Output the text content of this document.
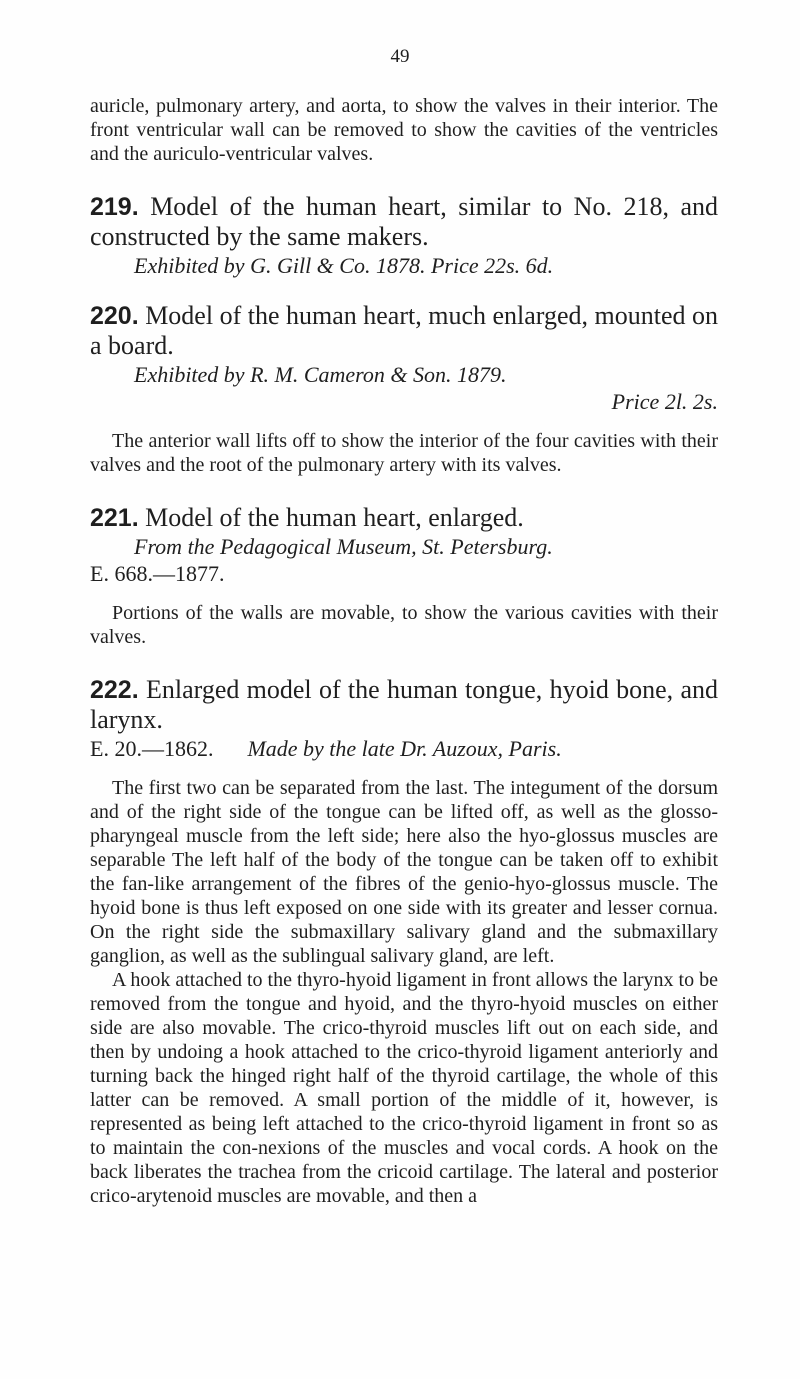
49

auricle, pulmonary artery, and aorta, to show the valves in their interior. The front ventricular wall can be removed to show the cavities of the ventricles and the auriculo-ventricular valves.

219. Model of the human heart, similar to No. 218, and constructed by the same makers.

Exhibited by G. Gill & Co. 1878. Price 22s. 6d.

220. Model of the human heart, much enlarged, mounted on a board.

Exhibited by R. M. Cameron & Son. 1879.

Price 2l. 2s.

The anterior wall lifts off to show the interior of the four cavities with their valves and the root of the pulmonary artery with its valves.

221. Model of the human heart, enlarged.

From the Pedagogical Museum, St. Petersburg.

E. 668.—1877.

Portions of the walls are movable, to show the various cavities with their valves.

222. Enlarged model of the human tongue, hyoid bone, and larynx.

E. 20.—1862. Made by the late Dr. Auzoux, Paris.

The first two can be separated from the last. The integument of the dorsum and of the right side of the tongue can be lifted off, as well as the glosso-pharyngeal muscle from the left side; here also the hyo-glossus muscles are separable The left half of the body of the tongue can be taken off to exhibit the fan-like arrangement of the fibres of the genio-hyo-glossus muscle. The hyoid bone is thus left exposed on one side with its greater and lesser cornua. On the right side the submaxillary salivary gland and the submaxillary ganglion, as well as the sublingual salivary gland, are left.

A hook attached to the thyro-hyoid ligament in front allows the larynx to be removed from the tongue and hyoid, and the thyro-hyoid muscles on either side are also movable. The crico-thyroid muscles lift out on each side, and then by undoing a hook attached to the crico-thyroid ligament anteriorly and turning back the hinged right half of the thyroid cartilage, the whole of this latter can be removed. A small portion of the middle of it, however, is represented as being left attached to the crico-thyroid ligament in front so as to maintain the con-nexions of the muscles and vocal cords. A hook on the back liberates the trachea from the cricoid cartilage. The lateral and posterior crico-arytenoid muscles are movable, and then a
